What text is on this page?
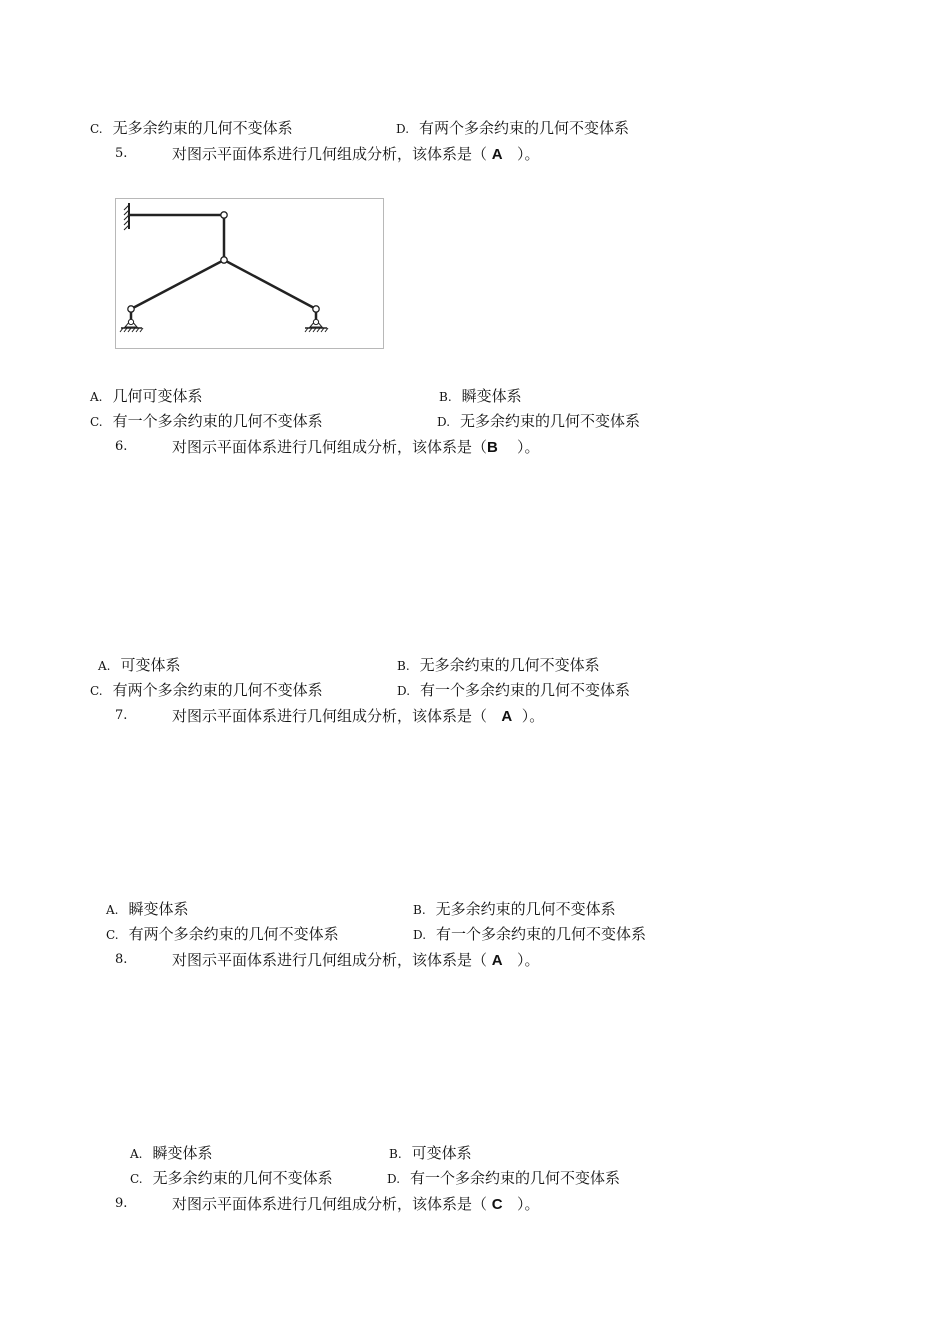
C. 无多余约束的几何不变体系	D. 有两个多余约束的几何不变体系
5.	对图示平面体系进行几何组成分析，该体系是（ A ）。
A. 几何可变体系	B. 瞬变体系
C. 有一个多余约束的几何不变体系	D. 无多余约束的几何不变体系
6.	对图示平面体系进行几何组成分析，该体系是（B ）。
A. 可变体系	B. 无多余约束的几何不变体系
C. 有两个多余约束的几何不变体系	D. 有一个多余约束的几何不变体系
7.	对图示平面体系进行几何组成分析，该体系是（ A ）。
A. 瞬变体系	B. 无多余约束的几何不变体系
C. 有两个多余约束的几何不变体系	D. 有一个多余约束的几何不变体系
8.	对图示平面体系进行几何组成分析，该体系是（ A ）。
A. 瞬变体系	B. 可变体系
C. 无多余约束的几何不变体系	D. 有一个多余约束的几何不变体系
9.	对图示平面体系进行几何组成分析，该体系是（ C ）。
